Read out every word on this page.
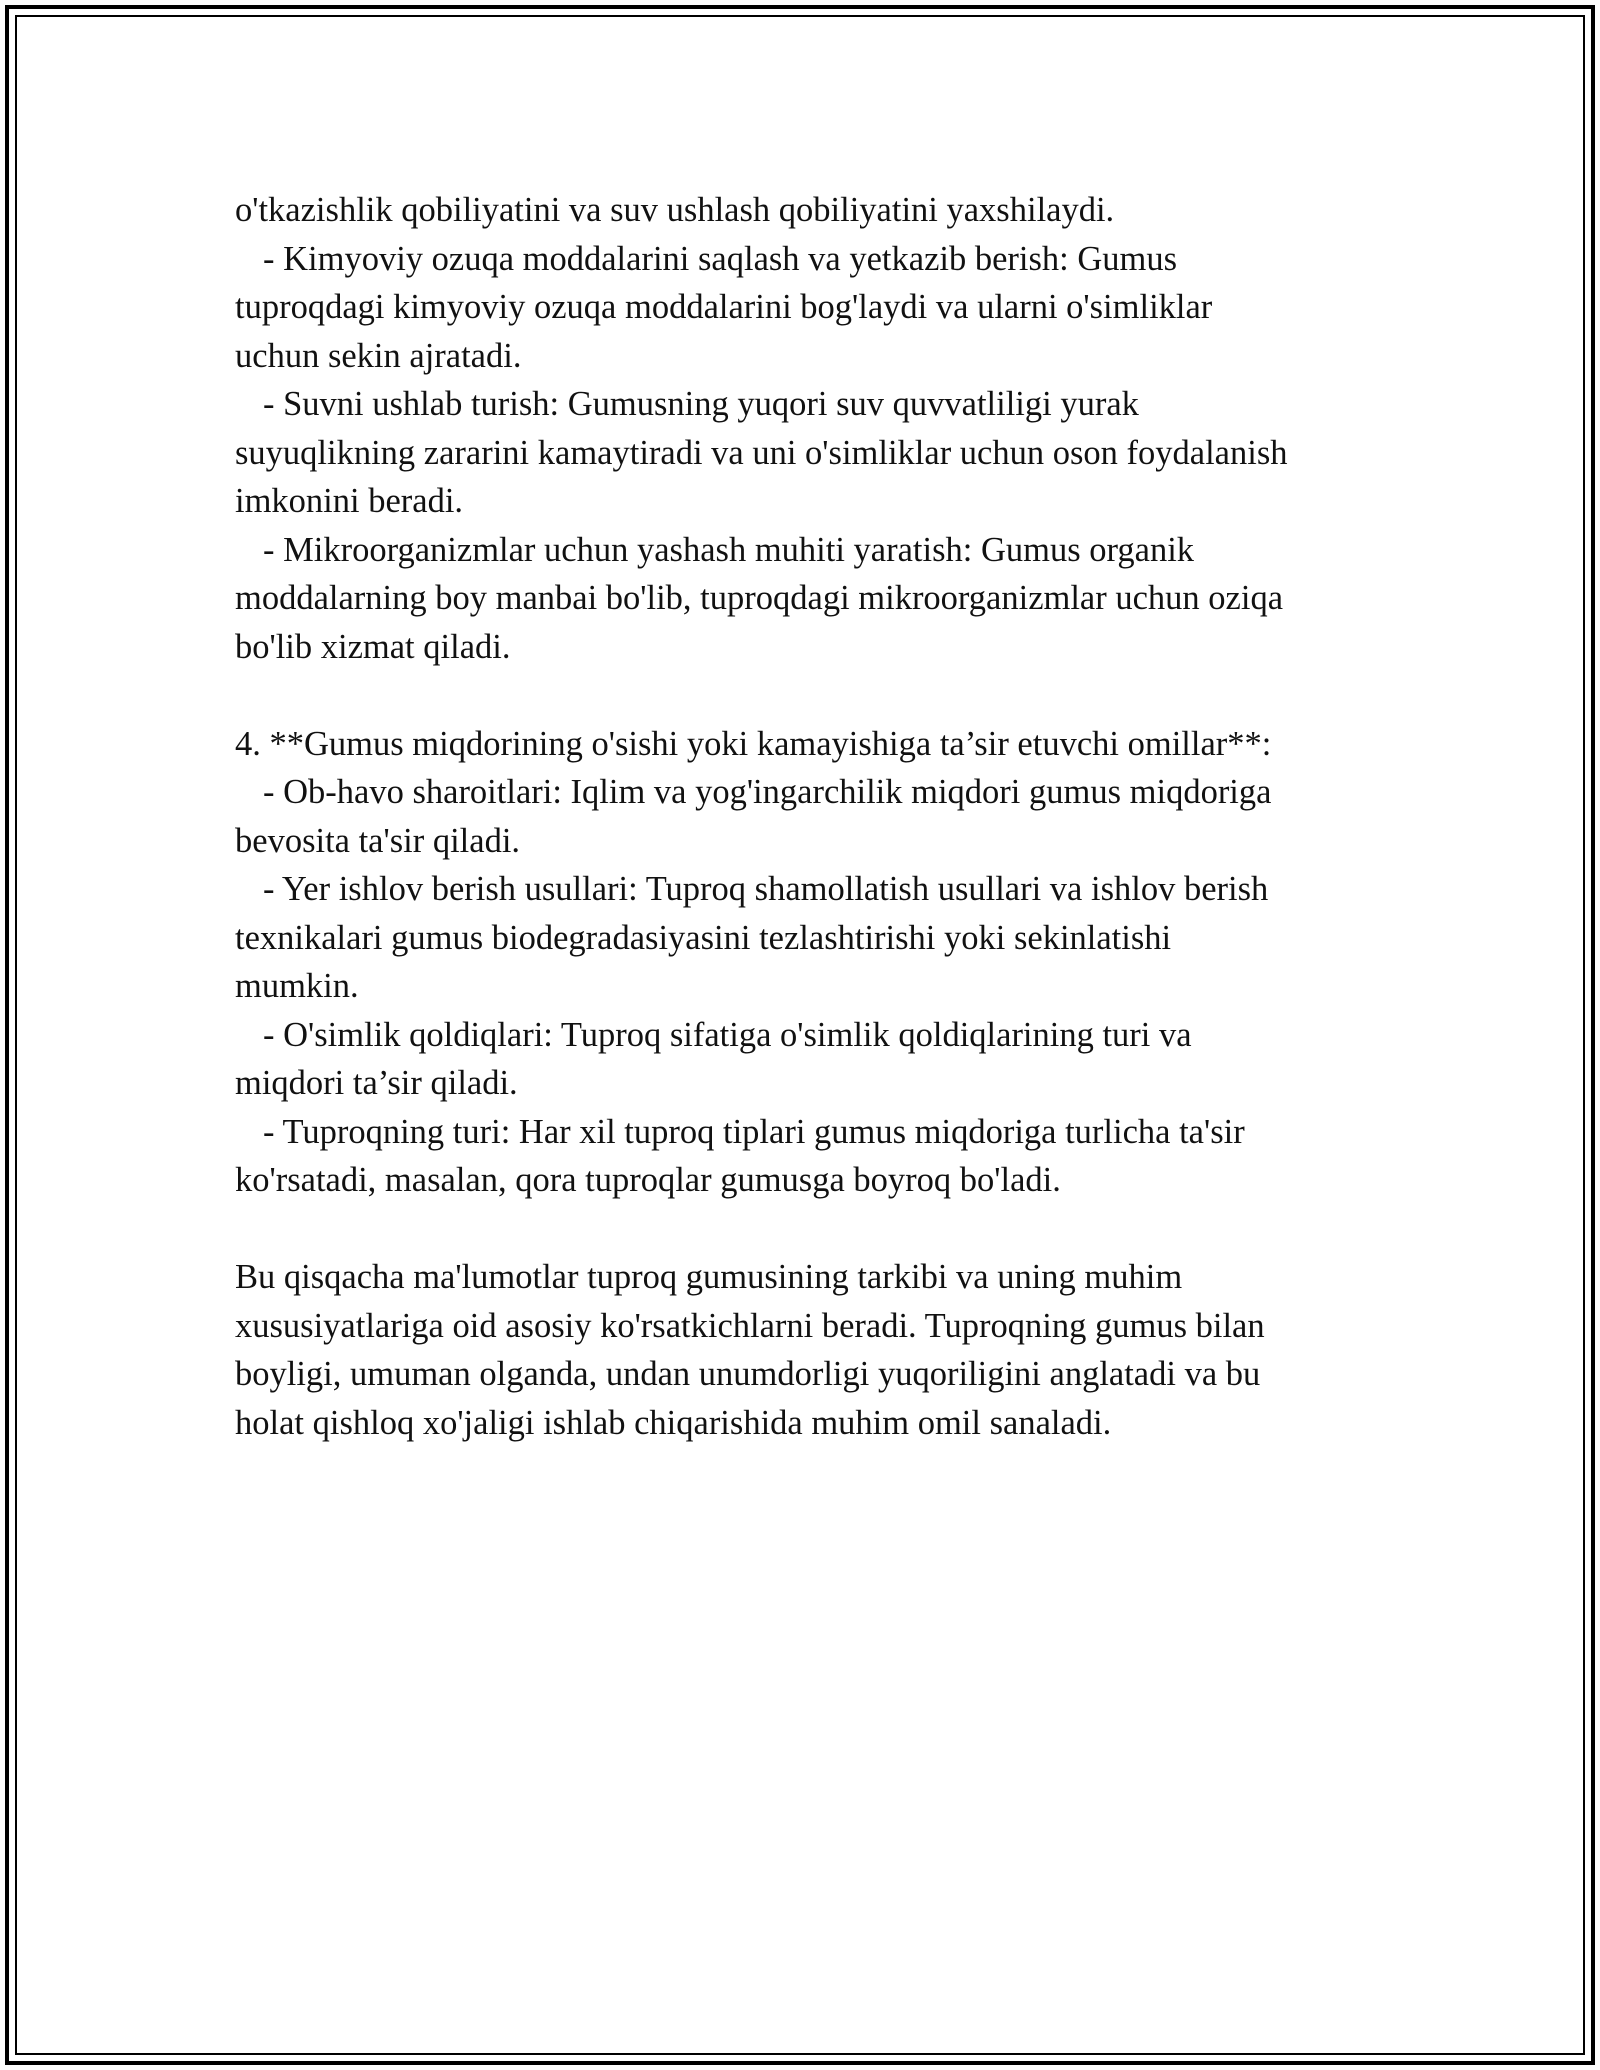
o'tkazishlik qobiliyatini va suv ushlash qobiliyatini yaxshilaydi.
- Kimyoviy ozuqa moddalarini saqlash va yetkazib berish: Gumus
tuproqdagi kimyoviy ozuqa moddalarini bog'laydi va ularni o'simliklar
uchun sekin ajratadi.
- Suvni ushlab turish: Gumusning yuqori suv quvvatliligi yurak
suyuqlikning zararini kamaytiradi va uni o'simliklar uchun oson foydalanish
imkonini beradi.
- Mikroorganizmlar uchun yashash muhiti yaratish: Gumus organik
moddalarning boy manbai bo'lib, tuproqdagi mikroorganizmlar uchun oziqa
bo'lib xizmat qiladi.
4. **Gumus miqdorining o'sishi yoki kamayishiga ta’sir etuvchi omillar**:
- Ob-havo sharoitlari: Iqlim va yog'ingarchilik miqdori gumus miqdoriga
bevosita ta'sir qiladi.
- Yer ishlov berish usullari: Tuproq shamollatish usullari va ishlov berish
texnikalari gumus biodegradasiyasini tezlashtirishi yoki sekinlatishi
mumkin.
- O'simlik qoldiqlari: Tuproq sifatiga o'simlik qoldiqlarining turi va
miqdori ta’sir qiladi.
- Tuproqning turi: Har xil tuproq tiplari gumus miqdoriga turlicha ta'sir
ko'rsatadi, masalan, qora tuproqlar gumusga boyroq bo'ladi.
Bu qisqacha ma'lumotlar tuproq gumusining tarkibi va uning muhim
xususiyatlariga oid asosiy ko'rsatkichlarni beradi. Tuproqning gumus bilan
boyligi, umuman olganda, undan unumdorligi yuqoriligini anglatadi va bu
holat qishloq xo'jaligi ishlab chiqarishida muhim omil sanaladi.
